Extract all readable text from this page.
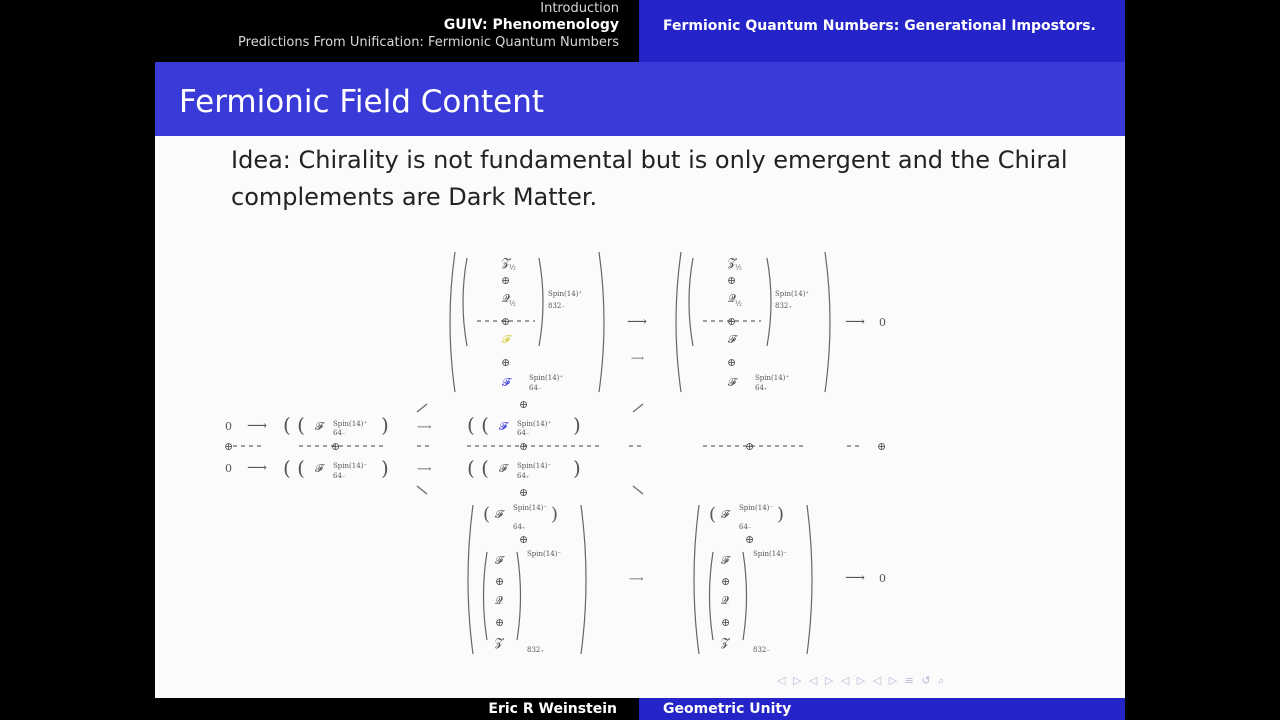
Introduction
GUIV: Phenomenology
Predictions From Unification: Fermionic Quantum Numbers
Fermionic Quantum Numbers: Generational Impostors.
Fermionic Field Content
Idea: Chirality is not fundamental but is only emergent and the Chiral
complements are Dark Matter.
𝓩 ½
⊕
𝓠 ½
⊕
𝓕
⊕
𝓕
Spin(14)⁺
832₋
Spin(14)⁺
64₋
𝓩 ½
⊕
𝓠 ½
⊕
𝓕
⊕
𝓕
Spin(14)⁺
832₊
Spin(14)⁺
64₊
⟶	⟶ 0
⟶
0
⊕
0
⟶
⟶
( ( 𝓕 Spin(14)⁺
64₋ )
⊕
( ( 𝓕 Spin(14)⁻
64₋ )
⟶
⟶
( ( 𝓕 Spin(14)⁺
64₋ )
⊕
( ( 𝓕 Spin(14)⁻
64₊ )
⊕	⊕
⊕
⊕
( 𝓕 Spin(14)⁻
64₊
)
⊕
𝓕	Spin(14)⁻
⊕
𝓠
⊕
𝓩
832₊
( 𝓕 Spin(14)⁻
64₋
)
⊕
𝓕	Spin(14)⁻
⊕
𝓠
⊕
𝓩
832₋
⟶	⟶ 0
◁ ▷ ◁ ▷ ◁ ▷ ◁ ▷ ≡ ↺ ⌕
Eric R Weinstein	Geometric Unity
